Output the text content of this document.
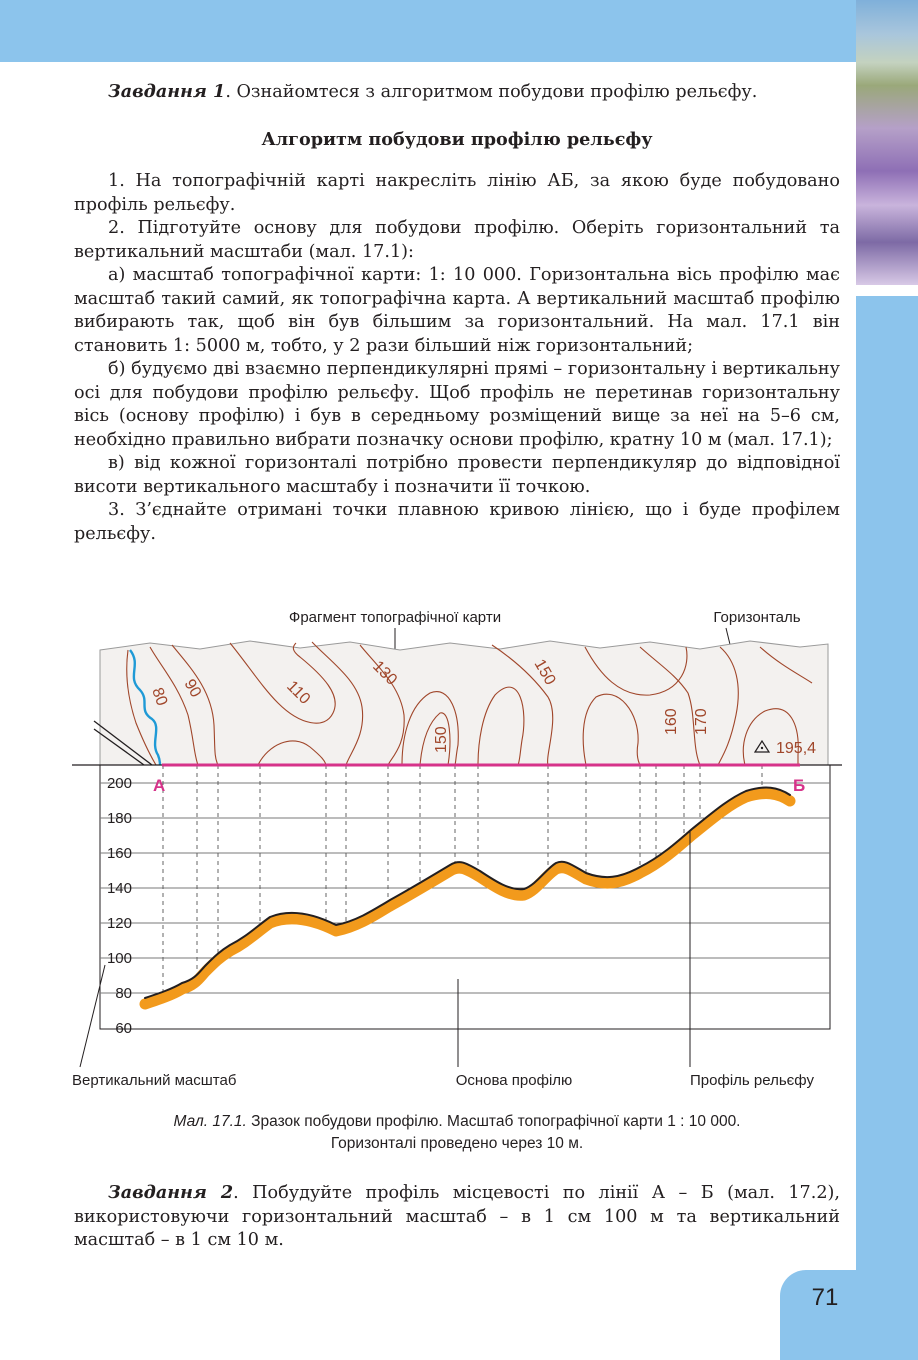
Завдання 1. Ознайомтеся з алгоритмом побудови профілю рельєфу.

Алгоритм побудови профілю рельєфу

1. На топографічній карті накресліть лінію АБ, за якою буде побудовано профіль рельєфу.

2. Підготуйте основу для побудови профілю. Оберіть горизонтальний та вертикальний масштаби (мал. 17.1):

а) масштаб топографічної карти: 1: 10 000. Горизонтальна вісь профілю має масштаб такий самий, як топографічна карта. А вертикальний масштаб профілю вибирають так, щоб він був більшим за горизонтальний. На мал. 17.1 він становить 1: 5000 м, тобто, у 2 рази більший ніж горизонтальний;

б) будуємо дві взаємно перпендикулярні прямі – горизонтальну і вертикальну осі для побудови профілю рельєфу. Щоб профіль не перетинав горизонтальну вісь (основу профілю) і був в середньому розміщений вище за неї на 5–6 см, необхідно правильно вибрати позначку основи профілю, кратну 10 м (мал. 17.1);

в) від кожної горизонталі потрібно провести перпендикуляр до відповідної висоти вертикального масштабу і позначити її точкою.

3. З’єднайте отримані точки плавною кривою лінією, що і буде профілем рельєфу.

Фрагмент топографічної карти	Горизонталь
80 90	110
130	150
150
160 170
195,4
200
180
160
140
120
100
80
60
А	Б
Вертикальний масштаб	Основа профілю	Профіль рельєфу
Мал. 17.1. Зразок побудови профілю. Масштаб топографічної карти 1 : 10 000.
Горизонталі проведено через 10 м.

Завдання 2. Побудуйте профіль місцевості по лінії А – Б (мал. 17.2), використовуючи горизонтальний масштаб – в 1 см 100 м та вертикальний масштаб – в 1 см 10 м.

71
